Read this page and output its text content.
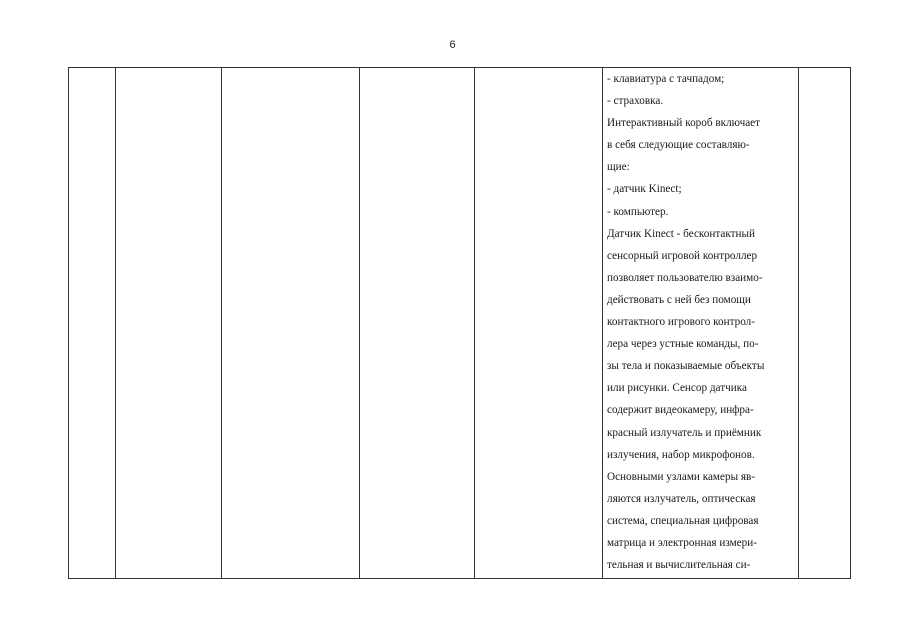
6
- клавиатура с тачпадом;
- страховка.
Интерактивный короб включает
в себя следующие составляю-
щие:
- датчик Kinect;
- компьютер.
Датчик Kinect - бесконтактный
сенсорный игровой контроллер
позволяет пользователю взаимо-
действовать с ней без помощи
контактного игрового контрол-
лера через устные команды, по-
зы тела и показываемые объекты
или рисунки. Сенсор датчика
содержит видеокамеру, инфра-
красный излучатель и приёмник
излучения, набор микрофонов.
Основными узлами камеры яв-
ляются излучатель, оптическая
система, специальная цифровая
матрица и электронная измери-
тельная и вычислительная си-
